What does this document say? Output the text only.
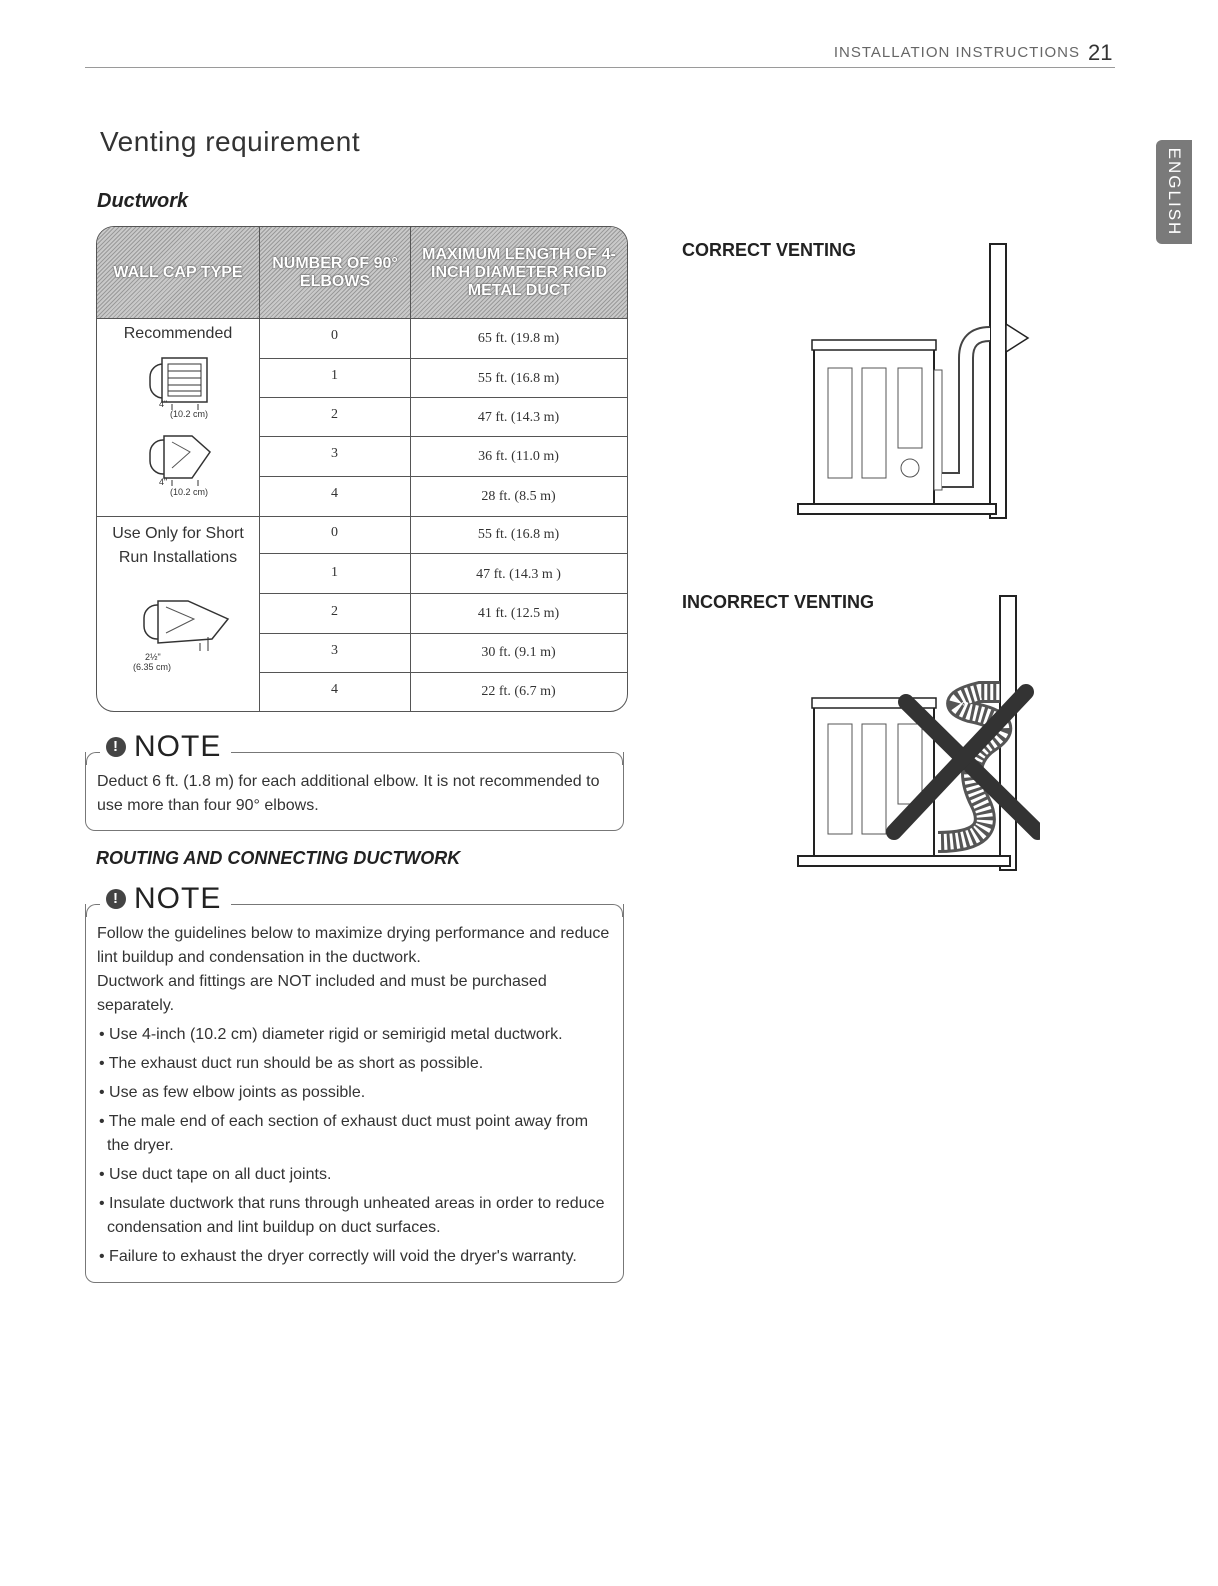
INSTALLATION INSTRUCTIONS 21
ENGLISH
Venting requirement
Ductwork
WALL CAP TYPE
NUMBER OF 90° ELBOWS
MAXIMUM LENGTH OF 4-INCH DIAMETER RIGID METAL DUCT
Recommended
4"
(10.2 cm)
4"
(10.2 cm)
0	65 ft. (19.8 m)
1	55 ft. (16.8 m)
2	47 ft. (14.3 m)
3	36 ft. (11.0 m)
4	28 ft. (8.5 m)
Use Only for Short
Run Installations
2½"
(6.35 cm)
0	55 ft. (16.8 m)
1	47 ft. (14.3 m )
2	41 ft. (12.5 m)
3	30 ft. (9.1 m)
4	22 ft. (6.7 m)
! NOTE
Deduct 6 ft. (1.8 m) for each additional elbow. It is not recommended to use more than four 90° elbows.
ROUTING AND CONNECTING DUCTWORK
! NOTE
Follow the guidelines below to maximize drying performance and reduce lint buildup and condensation in the ductwork.
Ductwork and fittings are NOT included and must be purchased separately.
• Use 4-inch (10.2 cm) diameter rigid or semirigid metal ductwork.
• The exhaust duct run should be as short as possible.
• Use as few elbow joints as possible.
• The male end of each section of exhaust duct must point away from the dryer.
• Use duct tape on all duct joints.
• Insulate ductwork that runs through unheated areas in order to reduce condensation and lint buildup on duct surfaces.
• Failure to exhaust the dryer correctly will void the dryer's warranty.
CORRECT VENTING
INCORRECT VENTING
